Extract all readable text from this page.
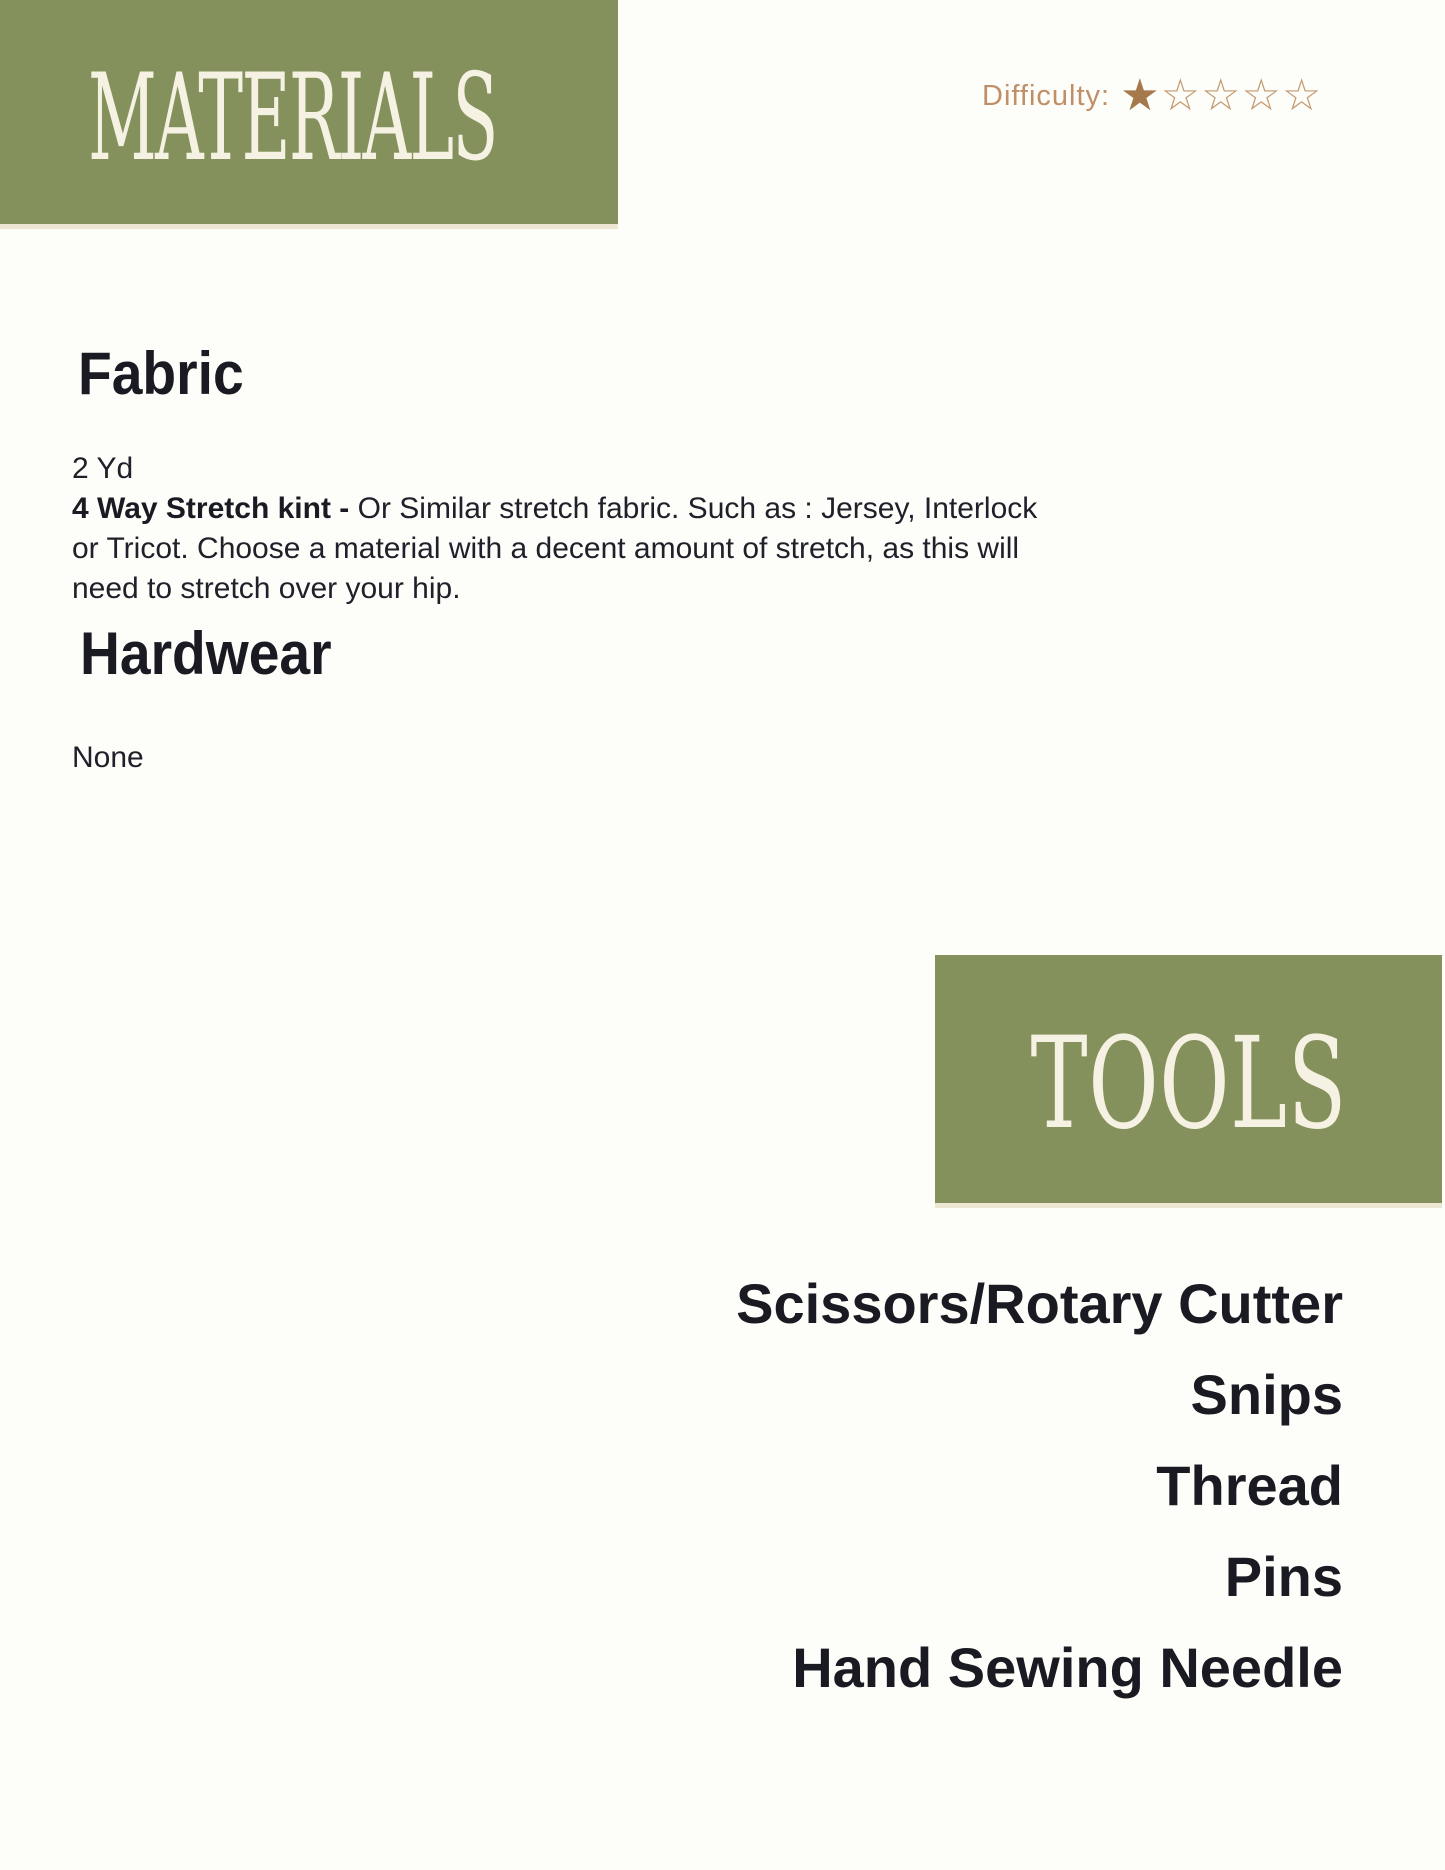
MATERIALS	Difficulty: ★ ☆ ☆ ☆ ☆
Fabric
2 Yd
4 Way Stretch kint - Or Similar stretch fabric. Such as : Jersey, Interlock or Tricot. Choose a material with a decent amount of stretch, as this will need to stretch over your hip.
Hardwear
None
TOOLS
Scissors/Rotary Cutter
Snips
Thread
Pins
Hand Sewing Needle
